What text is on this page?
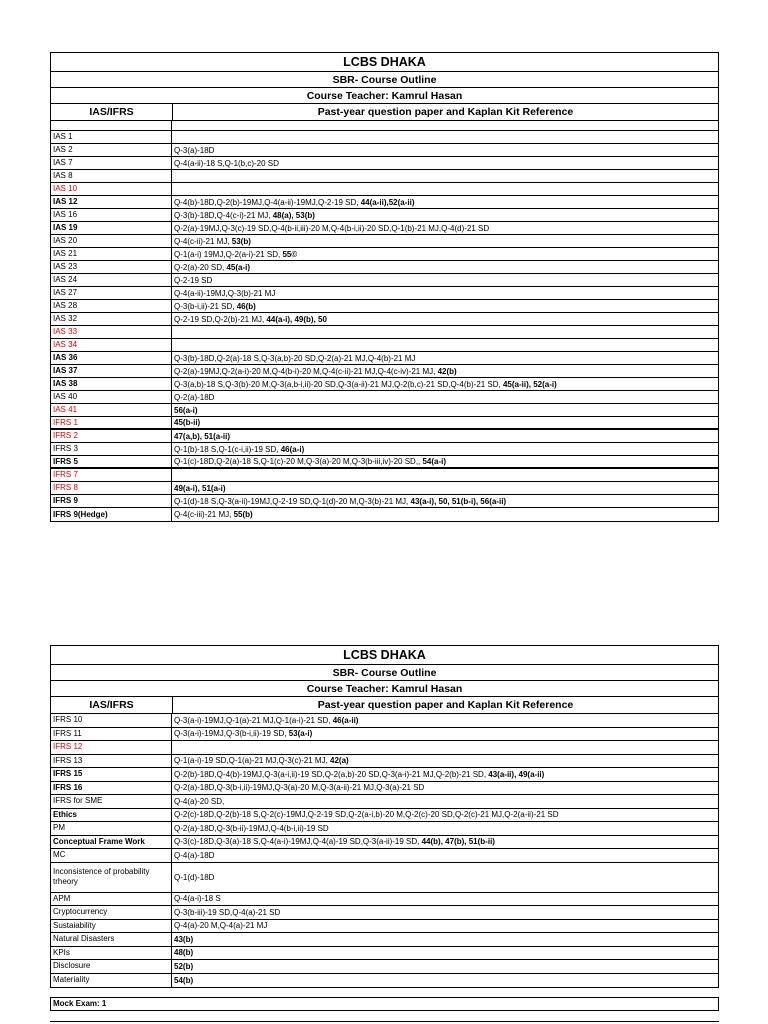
LCBS DHAKA
SBR- Course Outline
Course Teacher: Kamrul Hasan
IAS/IFRS	Past-year question paper and Kaplan Kit Reference
IAS 1
IAS 2	Q-3(a)-18D
IAS 7	Q-4(a-ii)-18 S,Q-1(b,c)-20 SD
IAS 8
IAS 10
IAS 12	Q-4(b)-18D,Q-2(b)-19MJ,Q-4(a-ii)-19MJ,Q-2-19 SD, 44(a-ii),52(a-ii)
IAS 16	Q-3(b)-18D,Q-4(c-i)-21 MJ, 48(a), 53(b)
IAS 19	Q-2(a)-19MJ,Q-3(c)-19 SD,Q-4(b-ii,iii)-20 M,Q-4(b-i,ii)-20 SD,Q-1(b)-21 MJ,Q-4(d)-21 SD
IAS 20	Q-4(c-ii)-21 MJ, 53(b)
IAS 21	Q-1(a-i) 19MJ,Q-2(a-i)-21 SD, 55©
IAS 23	Q-2(a)-20 SD, 45(a-i)
IAS 24	Q-2-19 SD
IAS 27	Q-4(a-ii)-19MJ,Q-3(b)-21 MJ
IAS 28	Q-3(b-i,ii)-21 SD, 46(b)
IAS 32	Q-2-19 SD,Q-2(b)-21 MJ, 44(a-i), 49(b), 50
IAS 33
IAS 34
IAS 36	Q-3(b)-18D,Q-2(a)-18 S,Q-3(a,b)-20 SD,Q-2(a)-21 MJ,Q-4(b)-21 MJ
IAS 37	Q-2(a)-19MJ,Q-2(a-i)-20 M,Q-4(b-i)-20 M,Q-4(c-ii)-21 MJ,Q-4(c-iv)-21 MJ, 42(b)
IAS 38	Q-3(a,b)-18 S,Q-3(b)-20 M,Q-3(a,b-i,ii)-20 SD,Q-3(a-ii)-21 MJ,Q-2(b,c)-21 SD,Q-4(b)-21 SD, 45(a-ii), 52(a-i)
IAS 40	Q-2(a)-18D
IAS 41	56(a-i)
IFRS 1	45(b-ii)
IFRS 2	47(a,b), 51(a-ii)
IFRS 3	Q-1(b)-18 S,Q-1(c-i,ii)-19 SD, 46(a-i)
IFRS 5	Q-1(c)-18D,Q-2(a)-18 S,Q-1(c)-20 M,Q-3(a)-20 M,Q-3(b-iii,iv)-20 SD,, 54(a-i)
IFRS 7
IFRS 8	49(a-i), 51(a-i)
IFRS 9	Q-1(d)-18 S,Q-3(a-ii)-19MJ,Q-2-19 SD,Q-1(d)-20 M,Q-3(b)-21 MJ, 43(a-i), 50, 51(b-i), 56(a-ii)
IFRS 9(Hedge)	Q-4(c-iii)-21 MJ, 55(b)
LCBS DHAKA
SBR- Course Outline
Course Teacher: Kamrul Hasan
IAS/IFRS	Past-year question paper and Kaplan Kit Reference
IFRS 10	Q-3(a-i)-19MJ,Q-1(a)-21 MJ,Q-1(a-i)-21 SD, 46(a-ii)
IFRS 11	Q-3(a-i)-19MJ,Q-3(b-i,ii)-19 SD, 53(a-i)
IFRS 12
IFRS 13	Q-1(a-i)-19 SD,Q-1(a)-21 MJ,Q-3(c)-21 MJ, 42(a)
IFRS 15	Q-2(b)-18D,Q-4(b)-19MJ,Q-3(a-i,ii)-19 SD,Q-2(a,b)-20 SD,Q-3(a-i)-21 MJ,Q-2(b)-21 SD, 43(a-ii), 49(a-ii)
IFRS 16	Q-2(a)-18D,Q-3(b-i,ii)-19MJ,Q-3(a)-20 M,Q-3(a-ii)-21 MJ,Q-3(a)-21 SD
IFRS for SME	Q-4(a)-20 SD,
Ethics	Q-2(c)-18D,Q-2(b)-18 S,Q-2(c)-19MJ,Q-2-19 SD,Q-2(a-i,b)-20 M,Q-2(c)-20 SD,Q-2(c)-21 MJ,Q-2(a-ii)-21 SD
PM	Q-2(a)-18D,Q-3(b-ii)-19MJ,Q-4(b-i,ii)-19 SD
Conceptual Frame Work	Q-3(c)-18D,Q-3(a)-18 S,Q-4(a-i)-19MJ,Q-4(a)-19 SD,Q-3(a-ii)-19 SD, 44(b), 47(b), 51(b-ii)
MC	Q-4(a)-18D
Inconsistence of probability trheory	Q-1(d)-18D
APM	Q-4(a-i)-18 S
Cryptocurrency	Q-3(b-iii)-19 SD,Q-4(a)-21 SD
Sustaiability	Q-4(a)-20 M,Q-4(a)-21 MJ
Natural Disasters	43(b)
KPIs	48(b)
Disclosure	52(b)
Materiality	54(b)
Mock Exam: 1
